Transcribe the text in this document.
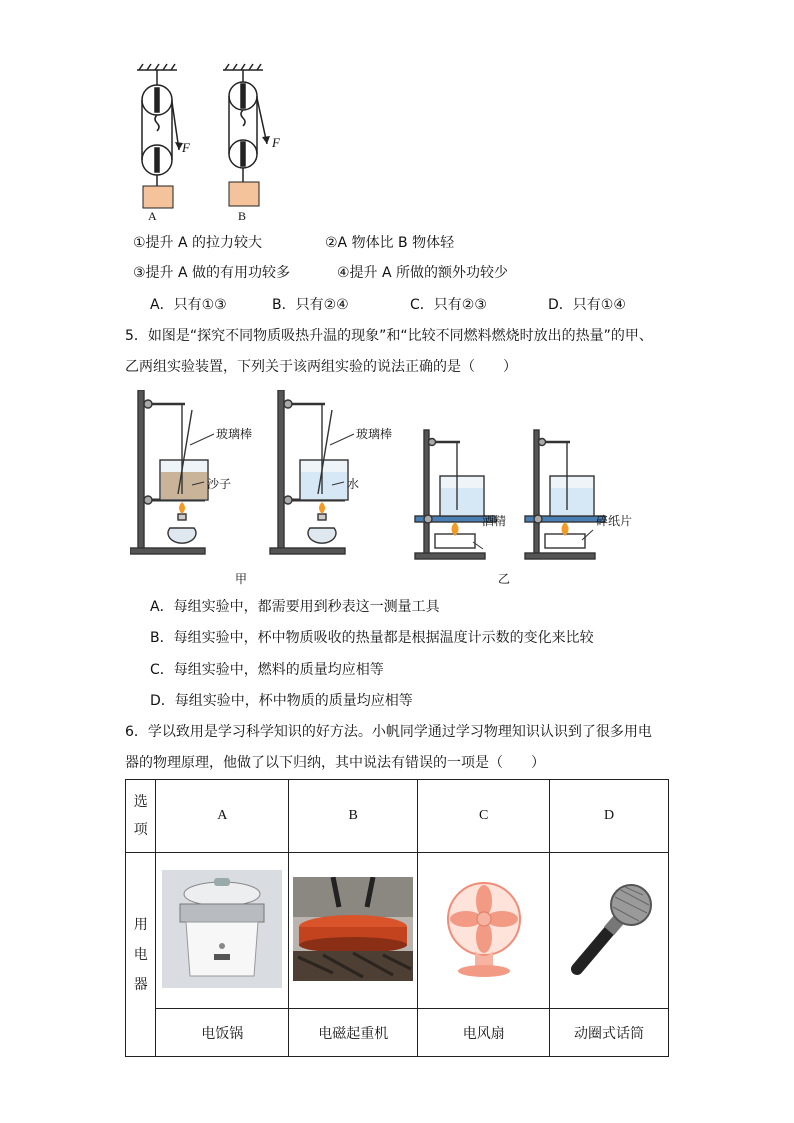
F	F
A	B
①提升 A 的拉力较大	②A 物体比 B 物体轻
③提升 A 做的有用功较多	④提升 A 所做的额外功较少
A．只有①③	B．只有②④	C．只有②③	D．只有①④
5．如图是“探究不同物质吸热升温的现象”和“比较不同燃料燃烧时放出的热量”的甲、
乙两组实验装置，下列关于该两组实验的说法正确的是（　　）
玻璃棒	玻璃棒
沙子	水
酒精	碎纸片
甲	乙
A．每组实验中，都需要用到秒表这一测量工具
B．每组实验中，杯中物质吸收的热量都是根据温度计示数的变化来比较
C．每组实验中，燃料的质量均应相等
D．每组实验中，杯中物质的质量均应相等
6．学以致用是学习科学知识的好方法。小帆同学通过学习物理知识认识到了很多用电
器的物理原理，他做了以下归纳，其中说法有错误的一项是（　　）
选项	A	B	C	D
用电器				
	电饭锅	电磁起重机	电风扇	动圈式话筒
